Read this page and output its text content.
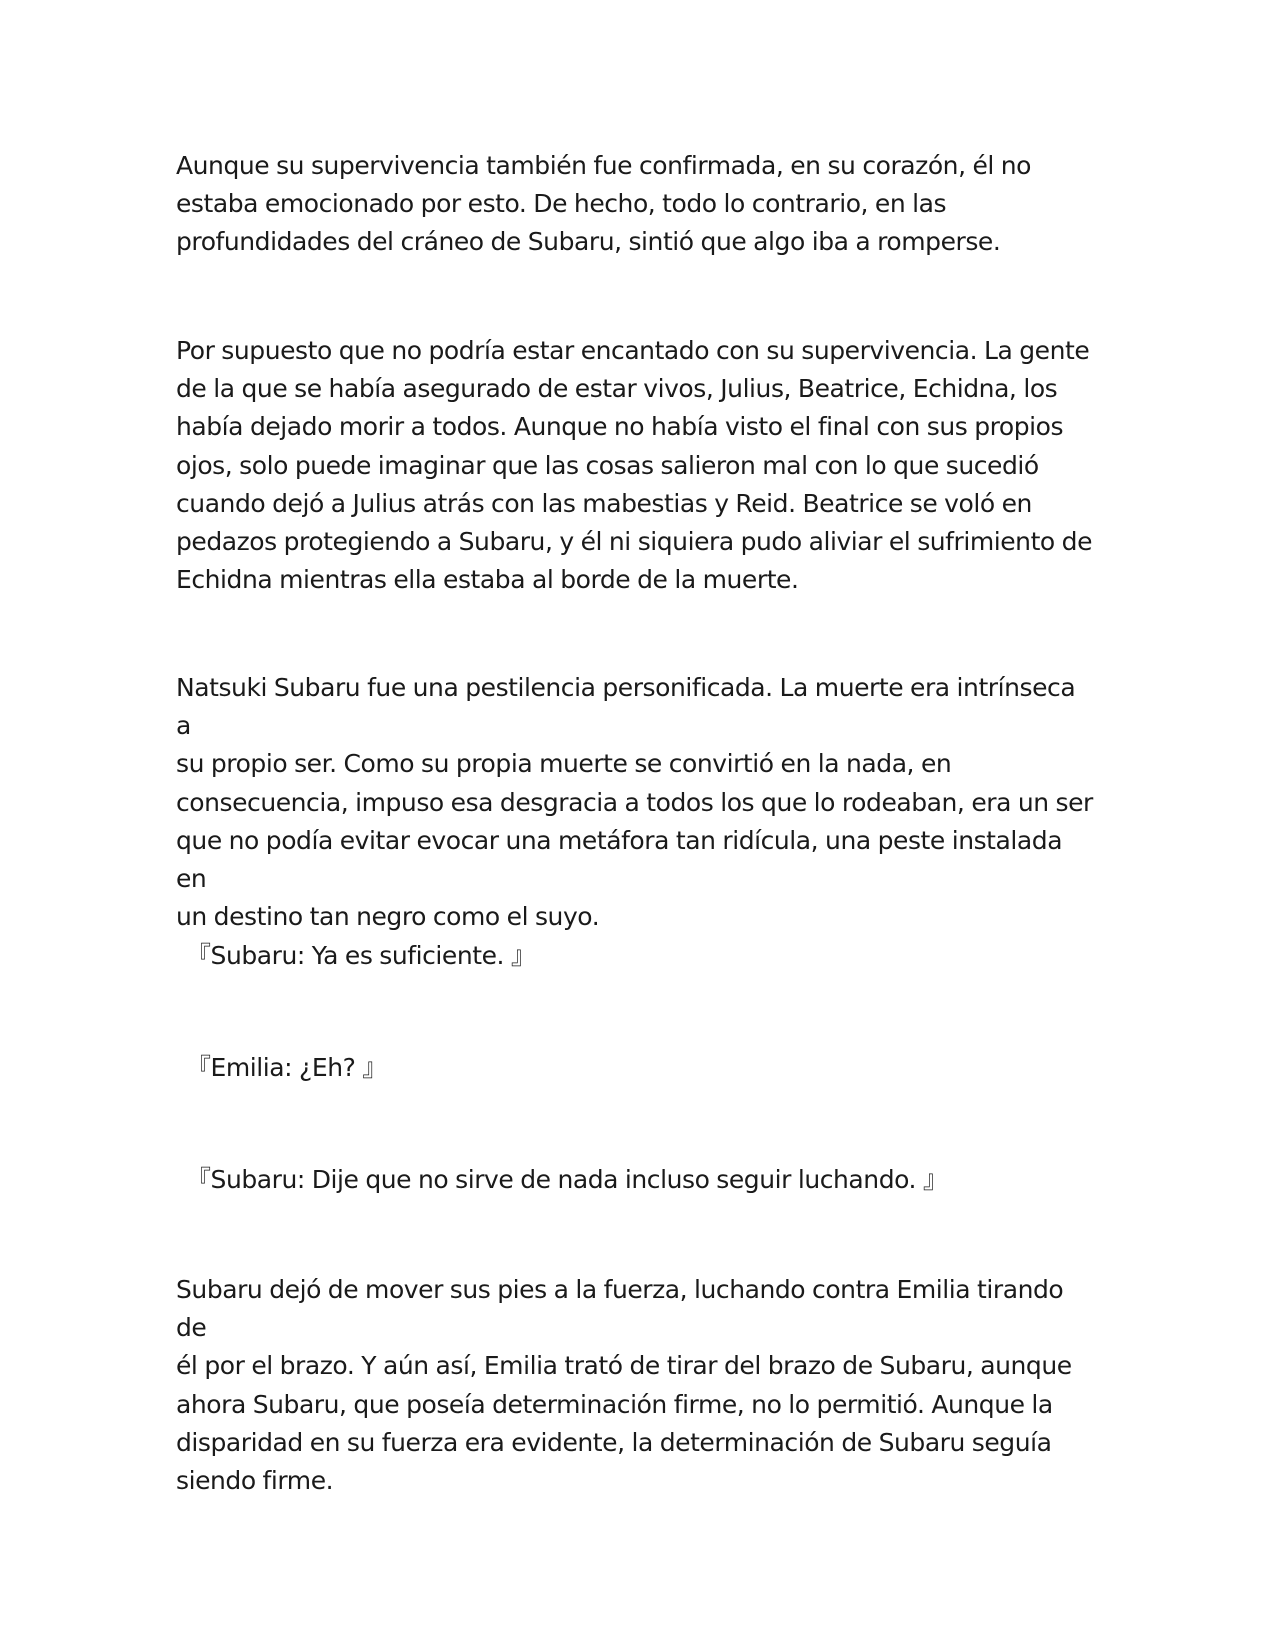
Aunque su supervivencia también fue confirmada, en su corazón, él no
estaba emocionado por esto. De hecho, todo lo contrario, en las
profundidades del cráneo de Subaru, sintió que algo iba a romperse.

Por supuesto que no podría estar encantado con su supervivencia. La gente
de la que se había asegurado de estar vivos, Julius, Beatrice, Echidna, los
había dejado morir a todos. Aunque no había visto el final con sus propios
ojos, solo puede imaginar que las cosas salieron mal con lo que sucedió
cuando dejó a Julius atrás con las mabestias y Reid. Beatrice se voló en
pedazos protegiendo a Subaru, y él ni siquiera pudo aliviar el sufrimiento de
Echidna mientras ella estaba al borde de la muerte.

Natsuki Subaru fue una pestilencia personificada. La muerte era intrínseca a
su propio ser. Como su propia muerte se convirtió en la nada, en
consecuencia, impuso esa desgracia a todos los que lo rodeaban, era un ser
que no podía evitar evocar una metáfora tan ridícula, una peste instalada en
un destino tan negro como el suyo.

『Subaru: Ya es suficiente. 』

『Emilia: ¿Eh? 』

『Subaru: Dije que no sirve de nada incluso seguir luchando. 』

Subaru dejó de mover sus pies a la fuerza, luchando contra Emilia tirando de
él por el brazo. Y aún así, Emilia trató de tirar del brazo de Subaru, aunque
ahora Subaru, que poseía determinación firme, no lo permitió. Aunque la
disparidad en su fuerza era evidente, la determinación de Subaru seguía
siendo firme.
